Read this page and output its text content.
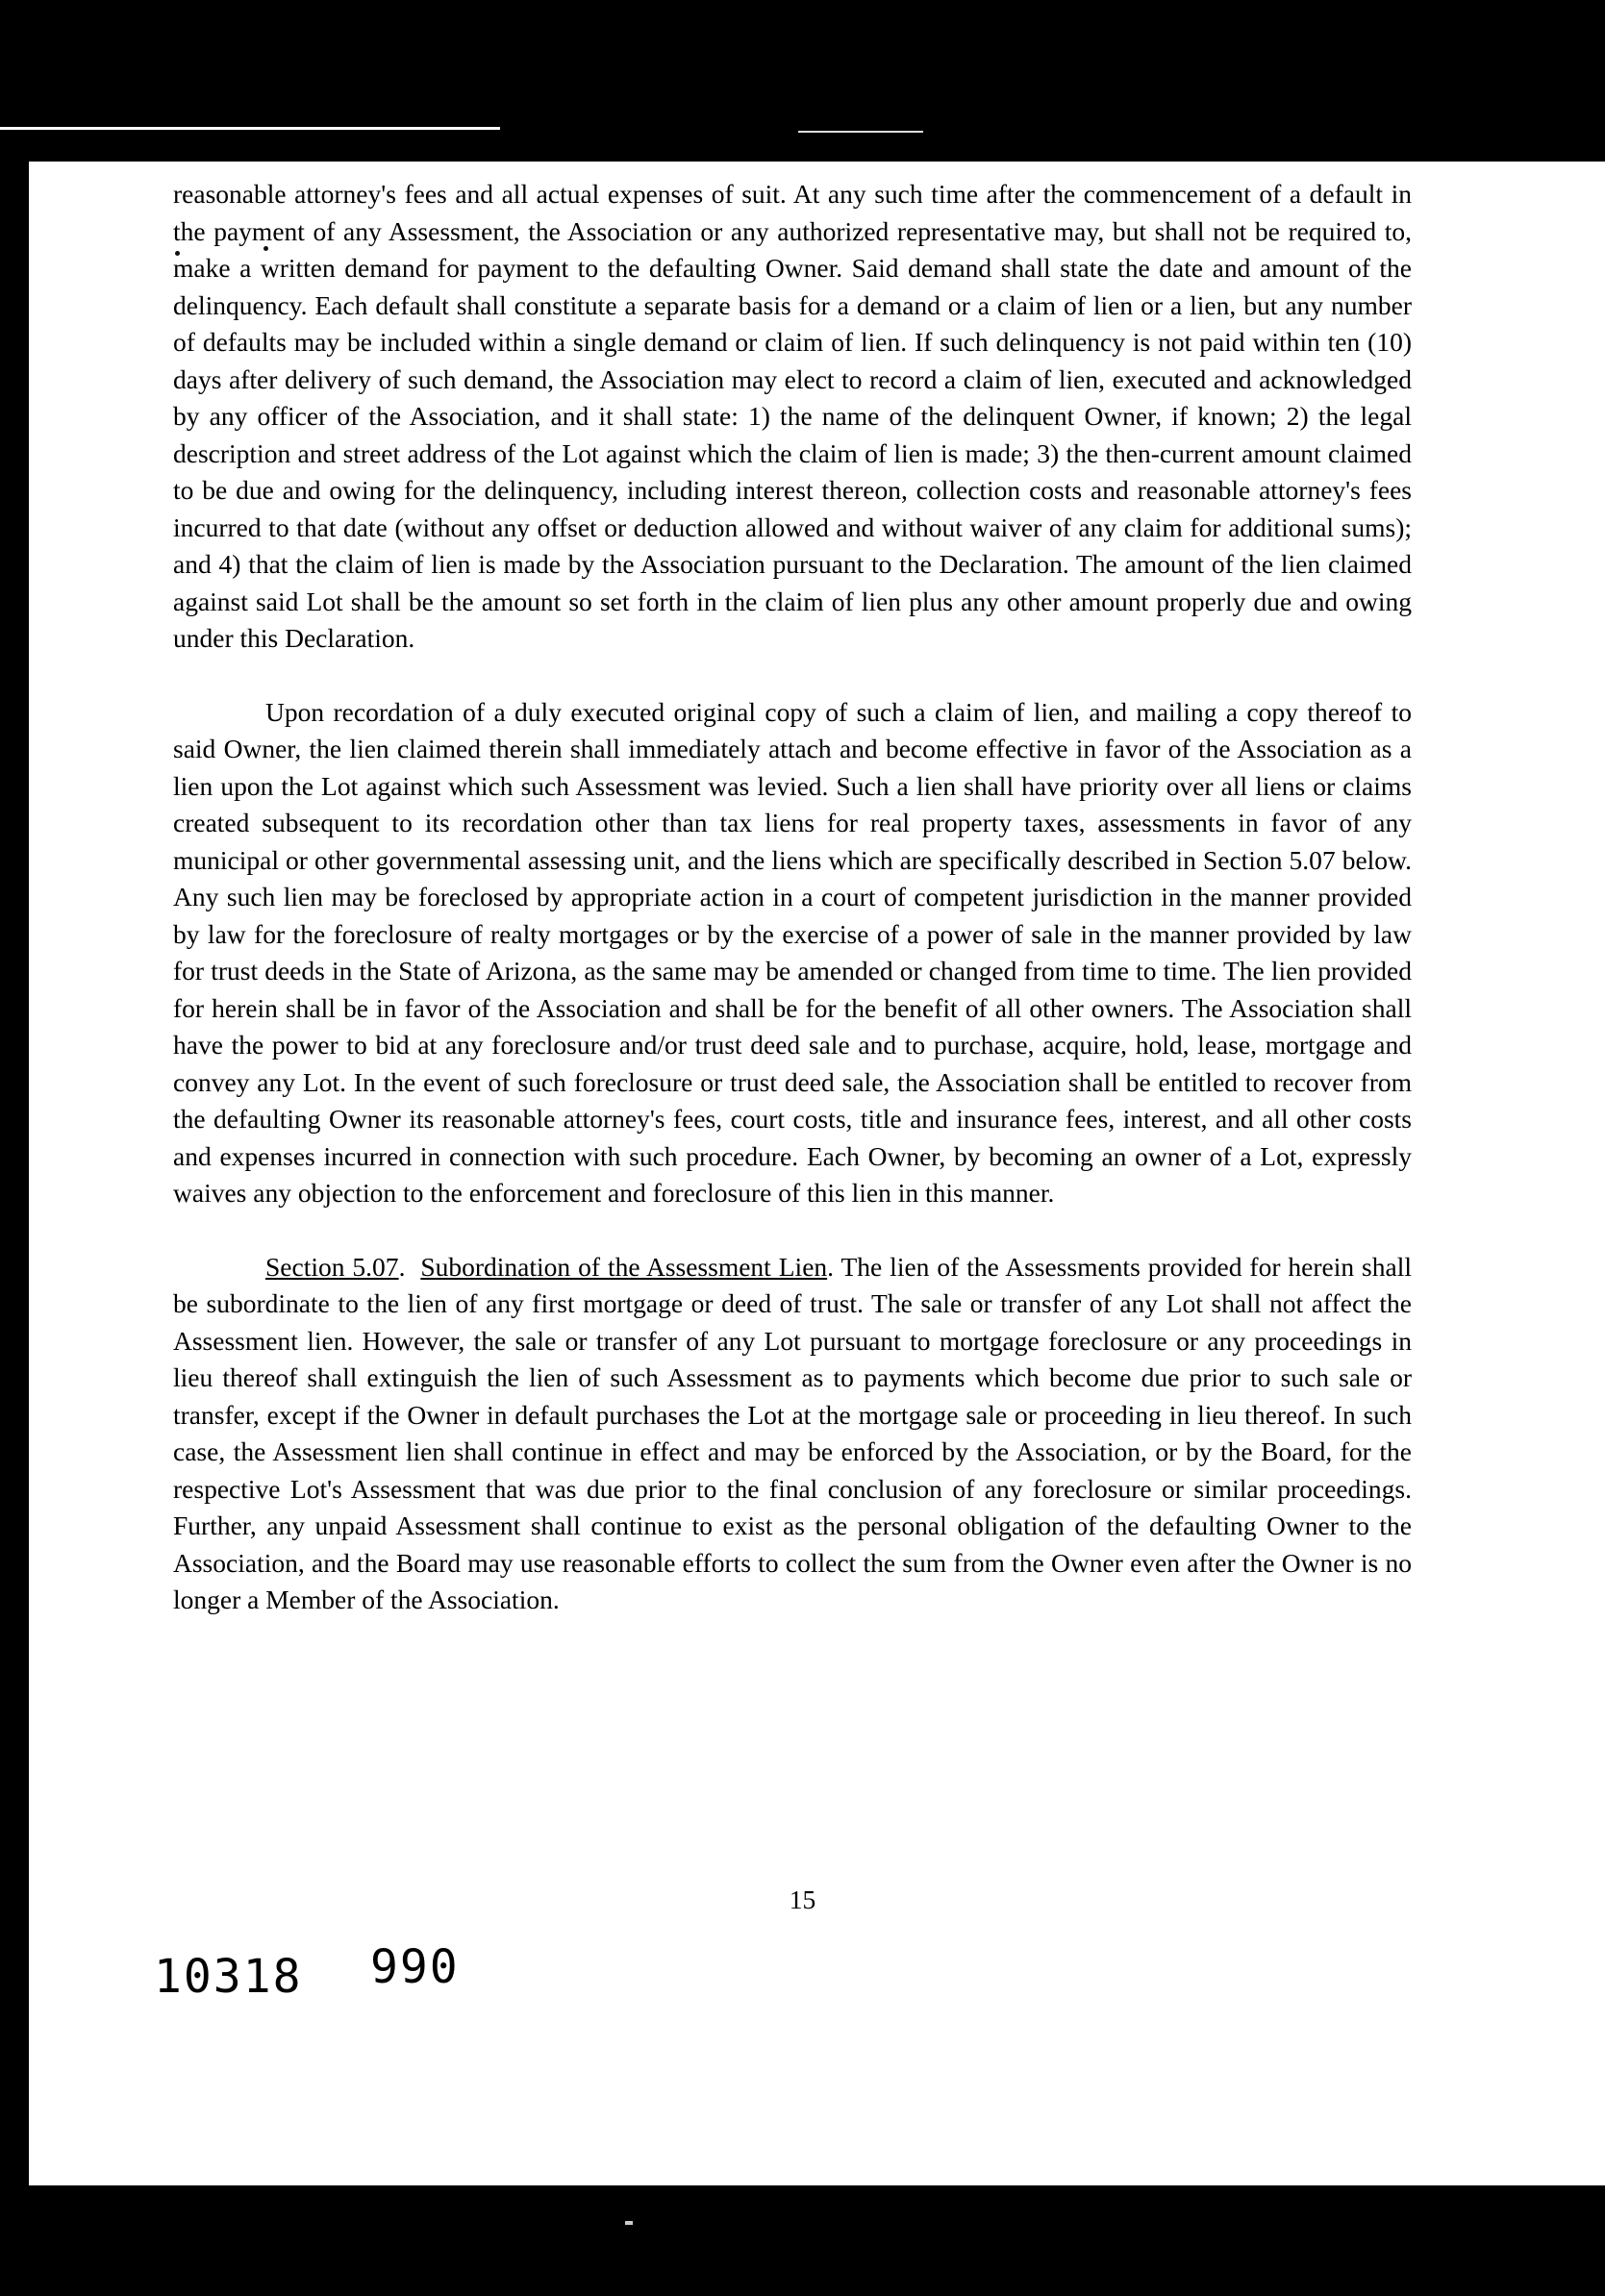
reasonable attorney's fees and all actual expenses of suit. At any such time after the commencement of a default in the payment of any Assessment, the Association or any authorized representative may, but shall not be required to, make a written demand for payment to the defaulting Owner. Said demand shall state the date and amount of the delinquency. Each default shall constitute a separate basis for a demand or a claim of lien or a lien, but any number of defaults may be included within a single demand or claim of lien. If such delinquency is not paid within ten (10) days after delivery of such demand, the Association may elect to record a claim of lien, executed and acknowledged by any officer of the Association, and it shall state: 1) the name of the delinquent Owner, if known; 2) the legal description and street address of the Lot against which the claim of lien is made; 3) the then-current amount claimed to be due and owing for the delinquency, including interest thereon, collection costs and reasonable attorney's fees incurred to that date (without any offset or deduction allowed and without waiver of any claim for additional sums); and 4) that the claim of lien is made by the Association pursuant to the Declaration. The amount of the lien claimed against said Lot shall be the amount so set forth in the claim of lien plus any other amount properly due and owing under this Declaration.

Upon recordation of a duly executed original copy of such a claim of lien, and mailing a copy thereof to said Owner, the lien claimed therein shall immediately attach and become effective in favor of the Association as a lien upon the Lot against which such Assessment was levied. Such a lien shall have priority over all liens or claims created subsequent to its recordation other than tax liens for real property taxes, assessments in favor of any municipal or other governmental assessing unit, and the liens which are specifically described in Section 5.07 below. Any such lien may be foreclosed by appropriate action in a court of competent jurisdiction in the manner provided by law for the foreclosure of realty mortgages or by the exercise of a power of sale in the manner provided by law for trust deeds in the State of Arizona, as the same may be amended or changed from time to time. The lien provided for herein shall be in favor of the Association and shall be for the benefit of all other owners. The Association shall have the power to bid at any foreclosure and/or trust deed sale and to purchase, acquire, hold, lease, mortgage and convey any Lot. In the event of such foreclosure or trust deed sale, the Association shall be entitled to recover from the defaulting Owner its reasonable attorney's fees, court costs, title and insurance fees, interest, and all other costs and expenses incurred in connection with such procedure. Each Owner, by becoming an owner of a Lot, expressly waives any objection to the enforcement and foreclosure of this lien in this manner.

Section 5.07.  Subordination of the Assessment Lien. The lien of the Assessments provided for herein shall be subordinate to the lien of any first mortgage or deed of trust. The sale or transfer of any Lot shall not affect the Assessment lien. However, the sale or transfer of any Lot pursuant to mortgage foreclosure or any proceedings in lieu thereof shall extinguish the lien of such Assessment as to payments which become due prior to such sale or transfer, except if the Owner in default purchases the Lot at the mortgage sale or proceeding in lieu thereof. In such case, the Assessment lien shall continue in effect and may be enforced by the Association, or by the Board, for the respective Lot's Assessment that was due prior to the final conclusion of any foreclosure or similar proceedings. Further, any unpaid Assessment shall continue to exist as the personal obligation of the defaulting Owner to the Association, and the Board may use reasonable efforts to collect the sum from the Owner even after the Owner is no longer a Member of the Association.

15
10318 990
